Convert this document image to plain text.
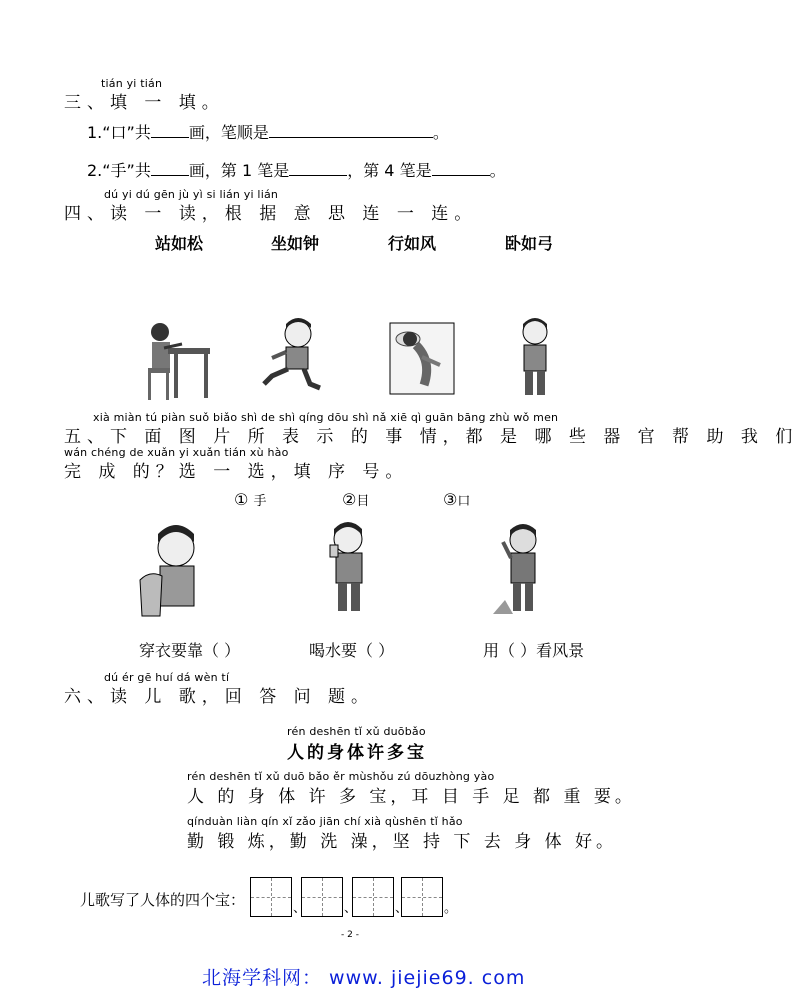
tián yi tián
三、填 一 填。
1.“口”共 画，笔顺是	。
2.“手”共 画，第 1 笔是	，第 4 笔是	。
dú yi dú gēn jù yì si lián yi lián
四、读 一 读，根 据 意 思 连 一 连。
站如松	坐如钟	行如风	卧如弓
xià miàn tú piàn suǒ biǎo shì de shì qíng dōu shì nǎ xiē qì guān bāng zhù wǒ men
五、下 面 图 片 所 表 示 的 事 情，都 是 哪 些 器 官 帮 助 我 们
wán chéng de xuǎn yi xuǎn tián xù hào
完 成 的？选 一 选，填 序 号。
① 手	②目	③口
穿衣要靠（ ）	喝水要（ ）	用（ ）看风景
dú ér gē huí dá wèn tí
六、读 儿 歌，回 答 问 题。
rén deshēn tǐ xǔ duōbǎo
人的身体许多宝
rén deshēn tǐ xǔ duō bǎo ěr mùshǒu zú dōuzhòng yào
人 的 身 体 许 多 宝，耳 目 手 足 都 重 要。
qínduàn liàn qín xǐ zǎo jiān chí xià qùshēn tǐ hǎo
勤 锻 炼，勤 洗 澡，坚 持 下 去 身 体 好。
儿歌写了人体的四个宝：	、	、	、	。
- 2 -
北海学科网： www. jiejie69. com
